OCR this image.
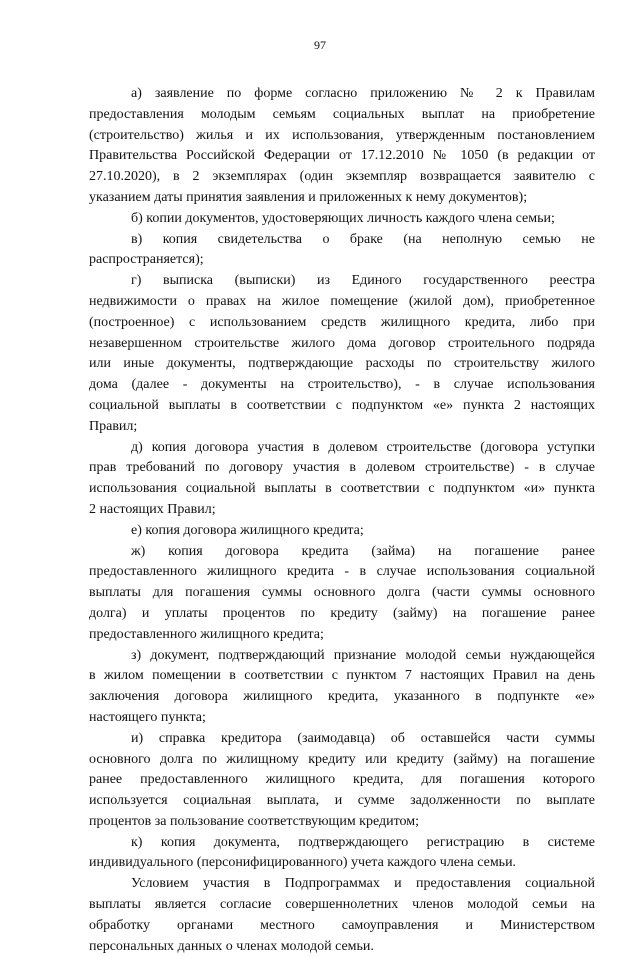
97
а) заявление по форме согласно приложению № 2 к Правилам
предоставления молодым семьям социальных выплат на приобретение
(строительство) жилья и их использования, утвержденным постановлением
Правительства Российской Федерации от 17.12.2010 № 1050 (в редакции от
27.10.2020), в 2 экземплярах (один экземпляр возвращается заявителю с
указанием даты принятия заявления и приложенных к нему документов);
б) копии документов, удостоверяющих личность каждого члена семьи;
в) копия свидетельства о браке (на неполную семью не
распространяется);
г) выписка (выписки) из Единого государственного реестра
недвижимости о правах на жилое помещение (жилой дом), приобретенное
(построенное) с использованием средств жилищного кредита, либо при
незавершенном строительстве жилого дома договор строительного подряда
или иные документы, подтверждающие расходы по строительству жилого
дома (далее - документы на строительство), - в случае использования
социальной выплаты в соответствии с подпунктом «е» пункта 2 настоящих
Правил;
д) копия договора участия в долевом строительстве (договора уступки
прав требований по договору участия в долевом строительстве) - в случае
использования социальной выплаты в соответствии с подпунктом «и» пункта
2 настоящих Правил;
е) копия договора жилищного кредита;
ж) копия договора кредита (займа) на погашение ранее
предоставленного жилищного кредита - в случае использования социальной
выплаты для погашения суммы основного долга (части суммы основного
долга) и уплаты процентов по кредиту (займу) на погашение ранее
предоставленного жилищного кредита;
з) документ, подтверждающий признание молодой семьи нуждающейся
в жилом помещении в соответствии с пунктом 7 настоящих Правил на день
заключения договора жилищного кредита, указанного в подпункте «е»
настоящего пункта;
и) справка кредитора (заимодавца) об оставшейся части суммы
основного долга по жилищному кредиту или кредиту (займу) на погашение
ранее предоставленного жилищного кредита, для погашения которого
используется социальная выплата, и сумме задолженности по выплате
процентов за пользование соответствующим кредитом;
к) копия документа, подтверждающего регистрацию в системе
индивидуального (персонифицированного) учета каждого члена семьи.
Условием участия в Подпрограммах и предоставления социальной
выплаты является согласие совершеннолетних членов молодой семьи на
обработку органами местного самоуправления и Министерством
персональных данных о членах молодой семьи.
